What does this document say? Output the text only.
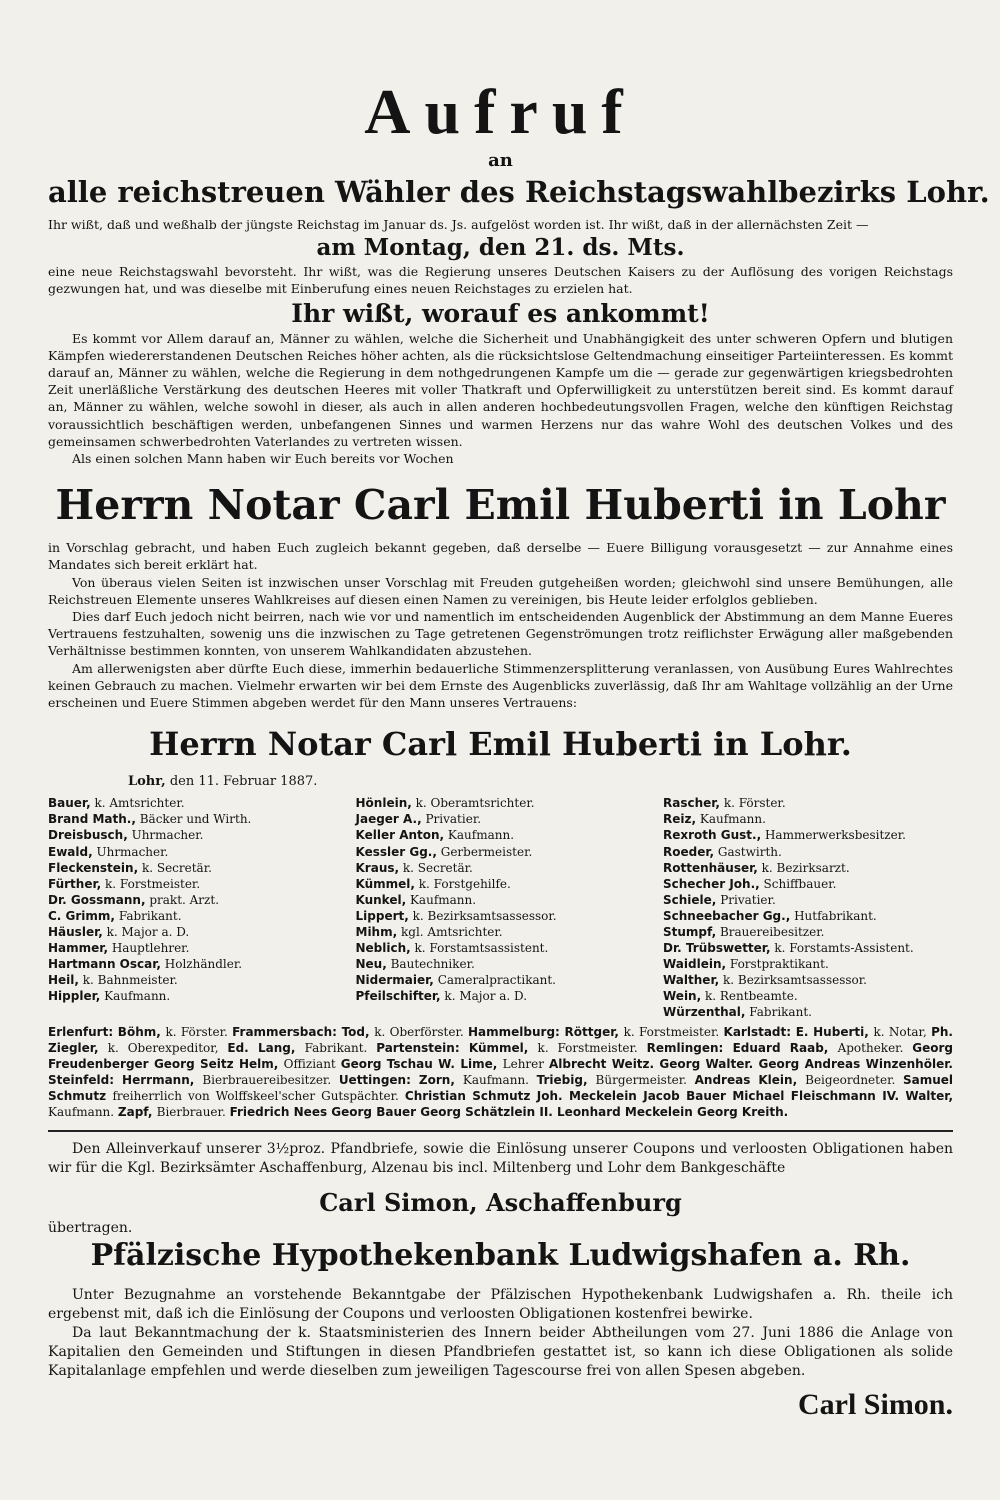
Aufruf
an
alle reichstreuen Wähler des Reichstagswahlbezirks Lohr.

Ihr wißt, daß und weßhalb der jüngste Reichstag im Januar ds. Js. aufgelöst worden ist. Ihr wißt, daß in der allernächsten Zeit —

am Montag, den 21. ds. Mts.

eine neue Reichstagswahl bevorsteht. Ihr wißt, was die Regierung unseres Deutschen Kaisers zu der Auflösung des vorigen Reichstags gezwungen hat, und was dieselbe mit Einberufung eines neuen Reichstages zu erzielen hat.

Ihr wißt, worauf es ankommt!

Es kommt vor Allem darauf an, Männer zu wählen, welche die Sicherheit und Unabhängigkeit des unter schweren Opfern und blutigen Kämpfen wiedererstandenen Deutschen Reiches höher achten, als die rücksichtslose Geltendmachung einseitiger Parteiinteressen. Es kommt darauf an, Männer zu wählen, welche die Regierung in dem nothgedrungenen Kampfe um die — gerade zur gegenwärtigen kriegsbedrohten Zeit unerläßliche Verstärkung des deutschen Heeres mit voller Thatkraft und Opferwilligkeit zu unterstützen bereit sind. Es kommt darauf an, Männer zu wählen, welche sowohl in dieser, als auch in allen anderen hochbedeutungsvollen Fragen, welche den künftigen Reichstag voraussichtlich beschäftigen werden, unbefangenen Sinnes und warmen Herzens nur das wahre Wohl des deutschen Volkes und des gemeinsamen schwerbedrohten Vaterlandes zu vertreten wissen.

Als einen solchen Mann haben wir Euch bereits vor Wochen

Herrn Notar Carl Emil Huberti in Lohr

in Vorschlag gebracht, und haben Euch zugleich bekannt gegeben, daß derselbe — Euere Billigung vorausgesetzt — zur Annahme eines Mandates sich bereit erklärt hat.

Von überaus vielen Seiten ist inzwischen unser Vorschlag mit Freuden gutgeheißen worden; gleichwohl sind unsere Bemühungen, alle Reichstreuen Elemente unseres Wahlkreises auf diesen einen Namen zu vereinigen, bis Heute leider erfolglos geblieben.

Dies darf Euch jedoch nicht beirren, nach wie vor und namentlich im entscheidenden Augenblick der Abstimmung an dem Manne Eueres Vertrauens festzuhalten, sowenig uns die inzwischen zu Tage getretenen Gegenströmungen trotz reiflichster Erwägung aller maßgebenden Verhältnisse bestimmen konnten, von unserem Wahlkandidaten abzustehen.

Am allerwenigsten aber dürfte Euch diese, immerhin bedauerliche Stimmenzersplitterung veranlassen, von Ausübung Eures Wahlrechtes keinen Gebrauch zu machen. Vielmehr erwarten wir bei dem Ernste des Augenblicks zuverlässig, daß Ihr am Wahltage vollzählig an der Urne erscheinen und Euere Stimmen abgeben werdet für den Mann unseres Vertrauens:

Herrn Notar Carl Emil Huberti in Lohr.
Lohr, den 11. Februar 1887.
Bauer, k. Amtsrichter.
Brand Math., Bäcker und Wirth.
Dreisbusch, Uhrmacher.
Ewald, Uhrmacher.
Fleckenstein, k. Secretär.
Fürther, k. Forstmeister.
Dr. Gossmann, prakt. Arzt.
C. Grimm, Fabrikant.
Häusler, k. Major a. D.
Hammer, Hauptlehrer.
Hartmann Oscar, Holzhändler.
Heil, k. Bahnmeister.
Hippler, Kaufmann.
Hönlein, k. Oberamtsrichter.
Jaeger A., Privatier.
Keller Anton, Kaufmann.
Kessler Gg., Gerbermeister.
Kraus, k. Secretär.
Kümmel, k. Forstgehilfe.
Kunkel, Kaufmann.
Lippert, k. Bezirksamtsassessor.
Mihm, kgl. Amtsrichter.
Neblich, k. Forstamtsassistent.
Neu, Bautechniker.
Nidermaier, Cameralpractikant.
Pfeilschifter, k. Major a. D.
Rascher, k. Förster.
Reiz, Kaufmann.
Rexroth Gust., Hammerwerksbesitzer.
Roeder, Gastwirth.
Rottenhäuser, k. Bezirksarzt.
Schecher Joh., Schiffbauer.
Schiele, Privatier.
Schneebacher Gg., Hutfabrikant.
Stumpf, Brauereibesitzer.
Dr. Trübswetter, k. Forstamts-Assistent.
Waidlein, Forstpraktikant.
Walther, k. Bezirksamtsassessor.
Wein, k. Rentbeamte.
Würzenthal, Fabrikant.
Erlenfurt: Böhm, k. Förster. Frammersbach: Tod, k. Oberförster. Hammelburg: Röttger, k. Forstmeister. Karlstadt: E. Huberti, k. Notar, Ph. Ziegler, k. Oberexpeditor, Ed. Lang, Fabrikant. Partenstein: Kümmel, k. Forstmeister. Remlingen: Eduard Raab, Apotheker. Georg Freudenberger Georg Seitz Helm, Offiziant Georg Tschau W. Lime, Lehrer Albrecht Weitz. Georg Walter. Georg Andreas Winzenhöler. Steinfeld: Herrmann, Bierbrauereibesitzer. Uettingen: Zorn, Kaufmann. Triebig, Bürgermeister. Andreas Klein, Beigeordneter. Samuel Schmutz freiherrlich von Wolffskeel'scher Gutspächter. Christian Schmutz Joh. Meckelein Jacob Bauer Michael Fleischmann IV. Walter, Kaufmann. Zapf, Bierbrauer. Friedrich Nees Georg Bauer Georg Schätzlein II. Leonhard Meckelein Georg Kreith.

Den Alleinverkauf unserer 3½proz. Pfandbriefe, sowie die Einlösung unserer Coupons und verloosten Obligationen haben wir für die Kgl. Bezirksämter Aschaffenburg, Alzenau bis incl. Miltenberg und Lohr dem Bankgeschäfte

Carl Simon, Aschaffenburg
übertragen.
Pfälzische Hypothekenbank Ludwigshafen a. Rh.

Unter Bezugnahme an vorstehende Bekanntgabe der Pfälzischen Hypothekenbank Ludwigshafen a. Rh. theile ich ergebenst mit, daß ich die Einlösung der Coupons und verloosten Obligationen kostenfrei bewirke.

Da laut Bekanntmachung der k. Staatsministerien des Innern beider Abtheilungen vom 27. Juni 1886 die Anlage von Kapitalien den Gemeinden und Stiftungen in diesen Pfandbriefen gestattet ist, so kann ich diese Obligationen als solide Kapitalanlage empfehlen und werde dieselben zum jeweiligen Tagescourse frei von allen Spesen abgeben.

Carl Simon.
